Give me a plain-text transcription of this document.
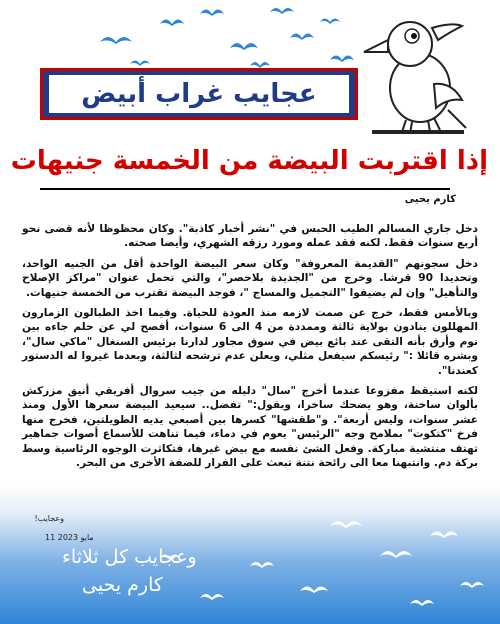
عجايب غراب أبيض
إذا اقتربت البيضة من الخمسة جنيهات
كارم يحيى

دخل جاري المسالم الطيب الحبس في "نشر أخبار كاذبة". وكان محظوظا لأنه قضى نحو أربع سنوات فقط. لكنه فقد عمله ومورد رزقه الشهري، وأيضا صحته.

دخل سجونهم "القديمة المعروفة" وكان سعر البيضة الواحدة أقل من الجنيه الواحد، وتحديدا 90 قرشا. وخرج من "الجديدة بلاحصر"، والتي تحمل عنوان "مراكز الإصلاح والتأهيل" وإن لم يضيفوا "التجميل والمساج "، فوجد البيضة تقترب من الخمسة جنيهات.

وبالأمس فقط، خرج عن صمت لازمه منذ العودة للحياة. وفيما اخذ الطبالون الزمارون المهللون ينادون بولاية ثالثة وممددة من 4 الى 6 سنوات، أفصح لي عن حلم جاءه بين نوم وأرق بأنه التقى عند بائع بيض في سوق مجاور لدارنا برئيس السنغال "ماكي سال"، وبشره قائلا :" رئيسكم سيفعل مثلي، ويعلن عدم ترشحه لثالثة، وبعدما غيروا له الدستور كعندنا".

لكنه استيقظ مفزوعا عندما أخرج "سال" دليله من جيب سروال أفريقي أنيق مزركش بألوان ساخنة، وهو يضحك ساخرا، ويقول:" تفضل.. سيعيد البيضة سعرها الأول ومنذ عشر سنوات، وليس أربعة". و"طقشها" كسرها بين أصبعي يديه الطويلتين، فخرج منها فرخ "كتكوت" بملامح وجه "الرئيس" يعوم في دماء، فيما تناهت للأسماع أصوات جماهير تهتف منتشية مباركة. وفعل الشئ نفسه مع بيض غيرها، فتكاثرت الوجوه الرئاسية وسط بركة دم. وانتبهنا معا الى رائحة نتنة تبعث على الفرار للضفة الأخرى من البحر.

وعجايب!
11 مايو 2023
وعجايب كل ثلاثاء
كارم يحيى
